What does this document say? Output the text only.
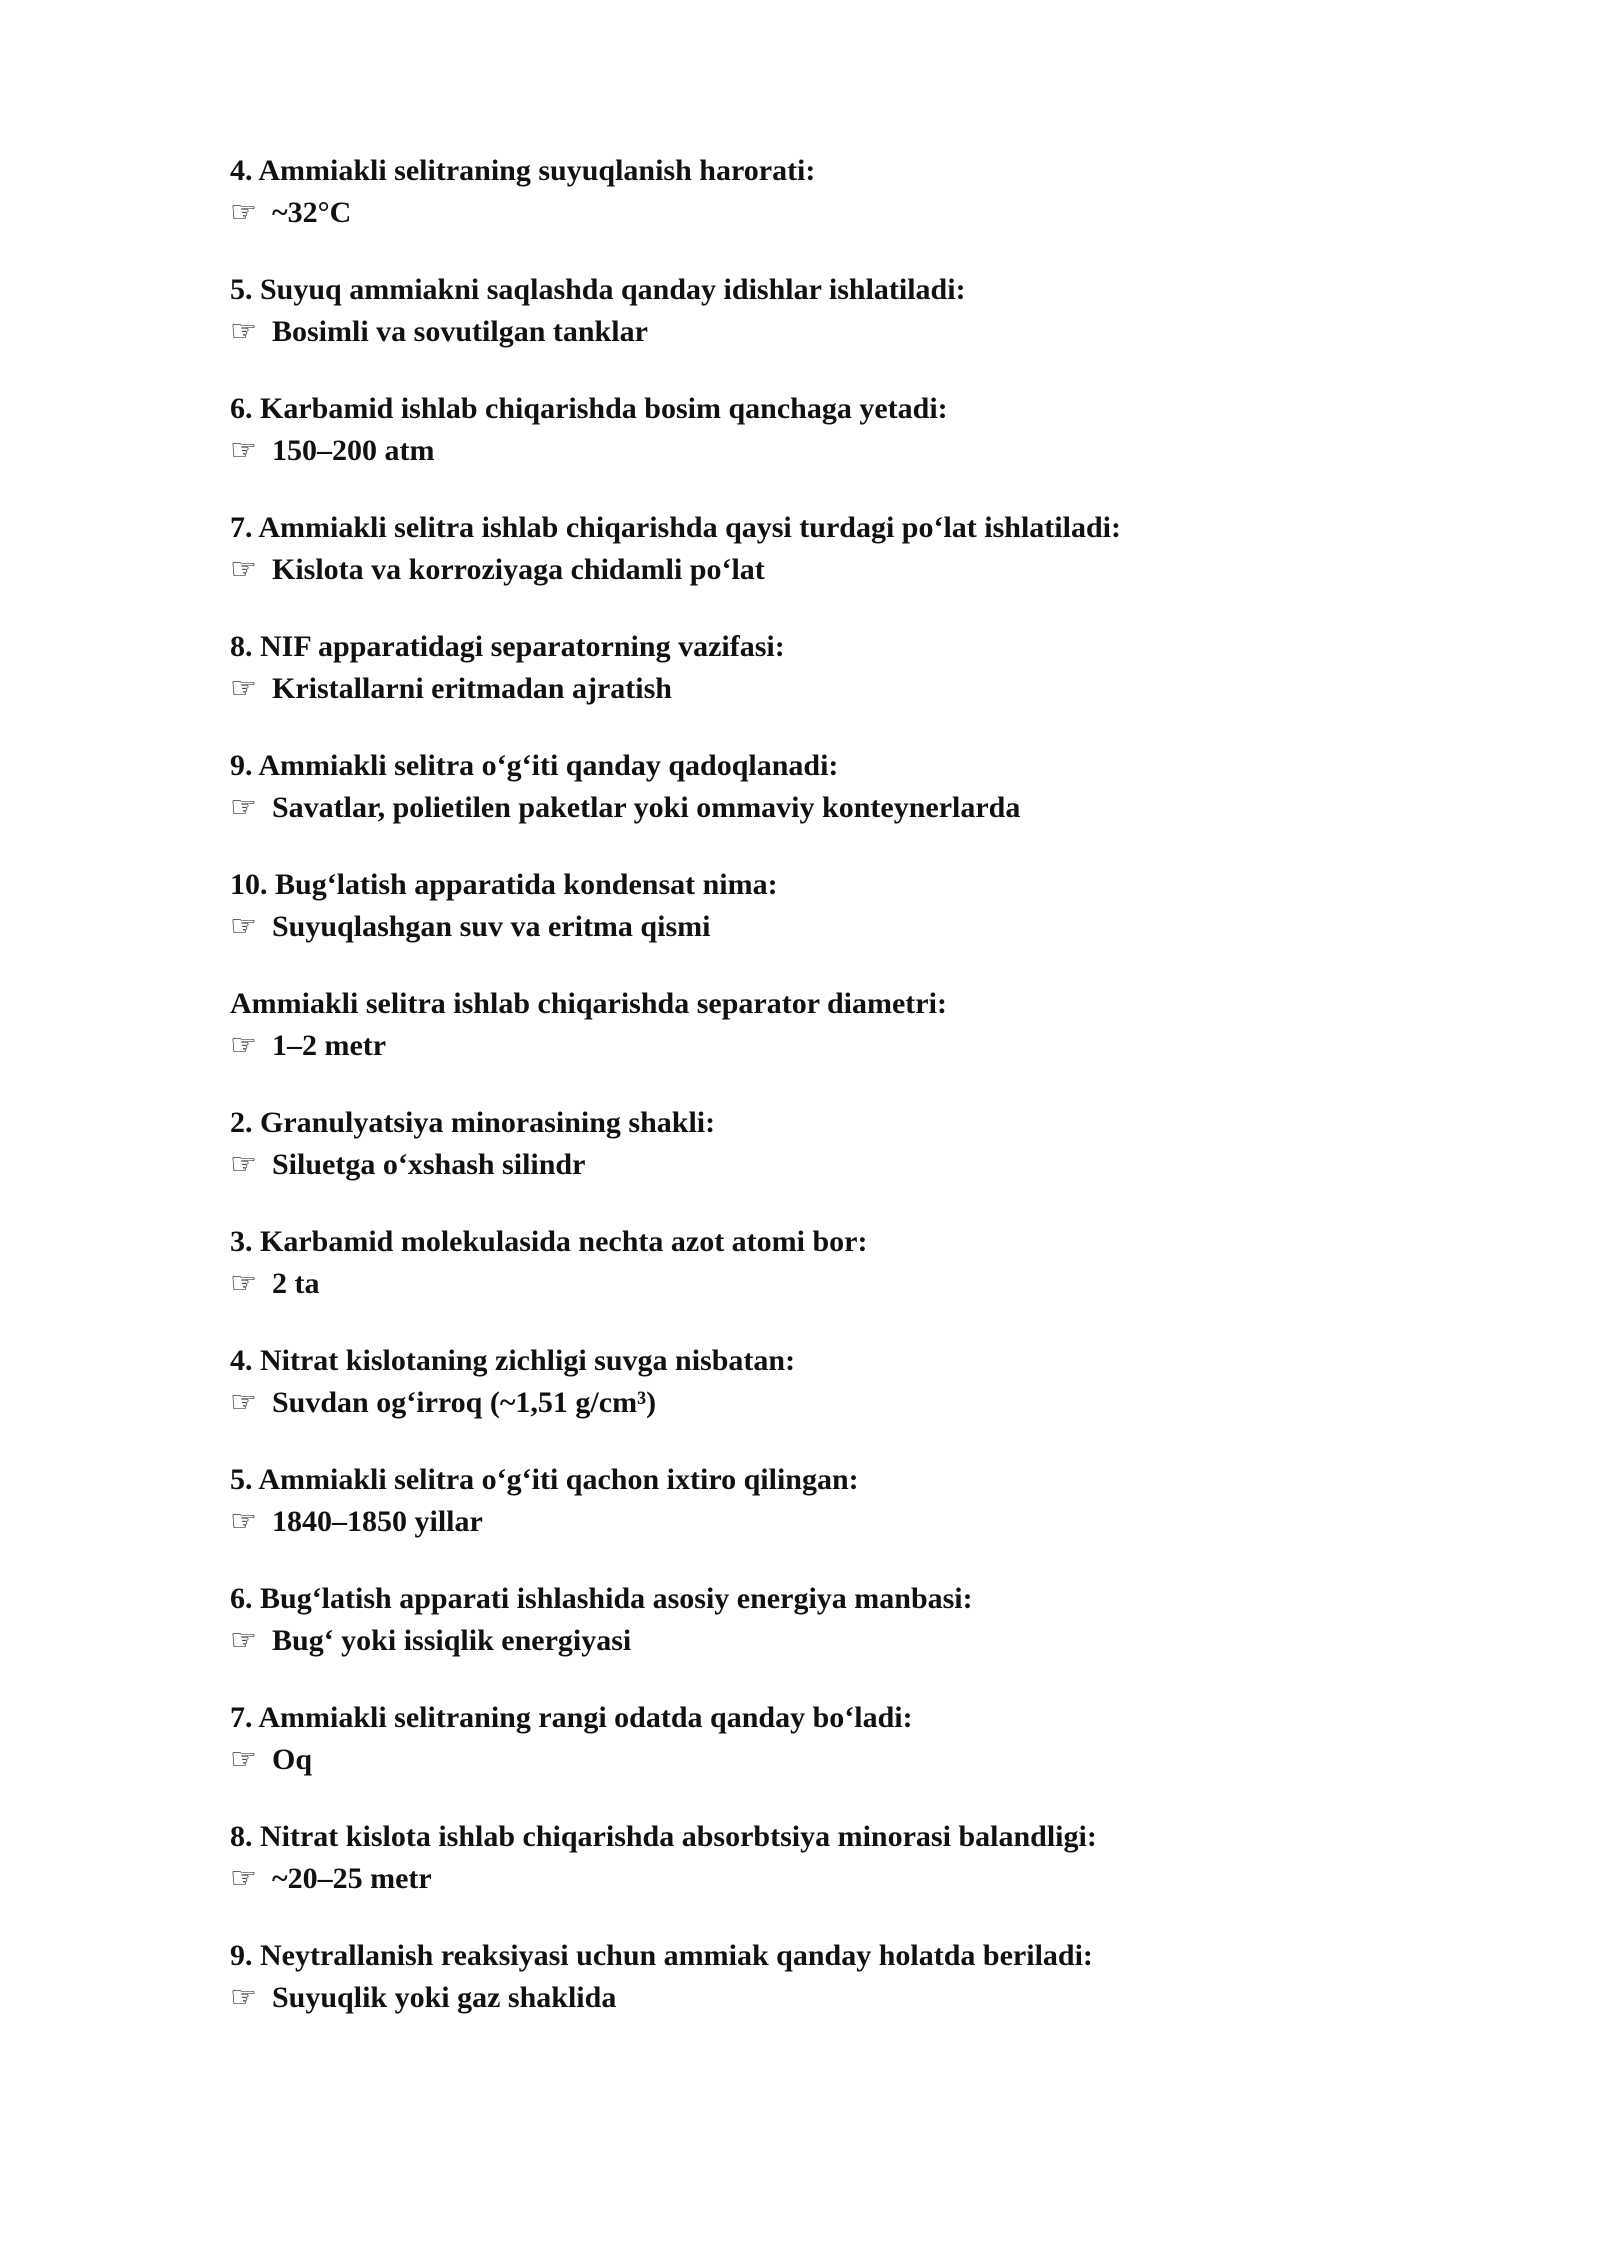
4. Ammiakli selitraning suyuqlanish harorati:
☞ ~32°C
5. Suyuq ammiakni saqlashda qanday idishlar ishlatiladi:
☞ Bosimli va sovutilgan tanklar
6. Karbamid ishlab chiqarishda bosim qanchaga yetadi:
☞ 150–200 atm
7. Ammiakli selitra ishlab chiqarishda qaysi turdagi poʻlat ishlatiladi:
☞ Kislota va korroziyaga chidamli poʻlat
8. NIF apparatidagi separatorning vazifasi:
☞ Kristallarni eritmadan ajratish
9. Ammiakli selitra oʻgʻiti qanday qadoqlanadi:
☞ Savatlar, polietilen paketlar yoki ommaviy konteynerlarda
10. Bugʻlatish apparatida kondensat nima:
☞ Suyuqlashgan suv va eritma qismi
Ammiakli selitra ishlab chiqarishda separator diametri:
☞ 1–2 metr
2. Granulyatsiya minorasining shakli:
☞ Siluetga oʻxshash silindr
3. Karbamid molekulasida nechta azot atomi bor:
☞ 2 ta
4. Nitrat kislotaning zichligi suvga nisbatan:
☞ Suvdan ogʻirroq (~1,51 g/cm³)
5. Ammiakli selitra oʻgʻiti qachon ixtiro qilingan:
☞ 1840–1850 yillar
6. Bugʻlatish apparati ishlashida asosiy energiya manbasi:
☞ Bugʻ yoki issiqlik energiyasi
7. Ammiakli selitraning rangi odatda qanday boʻladi:
☞ Oq
8. Nitrat kislota ishlab chiqarishda absorbtsiya minorasi balandligi:
☞ ~20–25 metr
9. Neytrallanish reaksiyasi uchun ammiak qanday holatda beriladi:
☞ Suyuqlik yoki gaz shaklida
